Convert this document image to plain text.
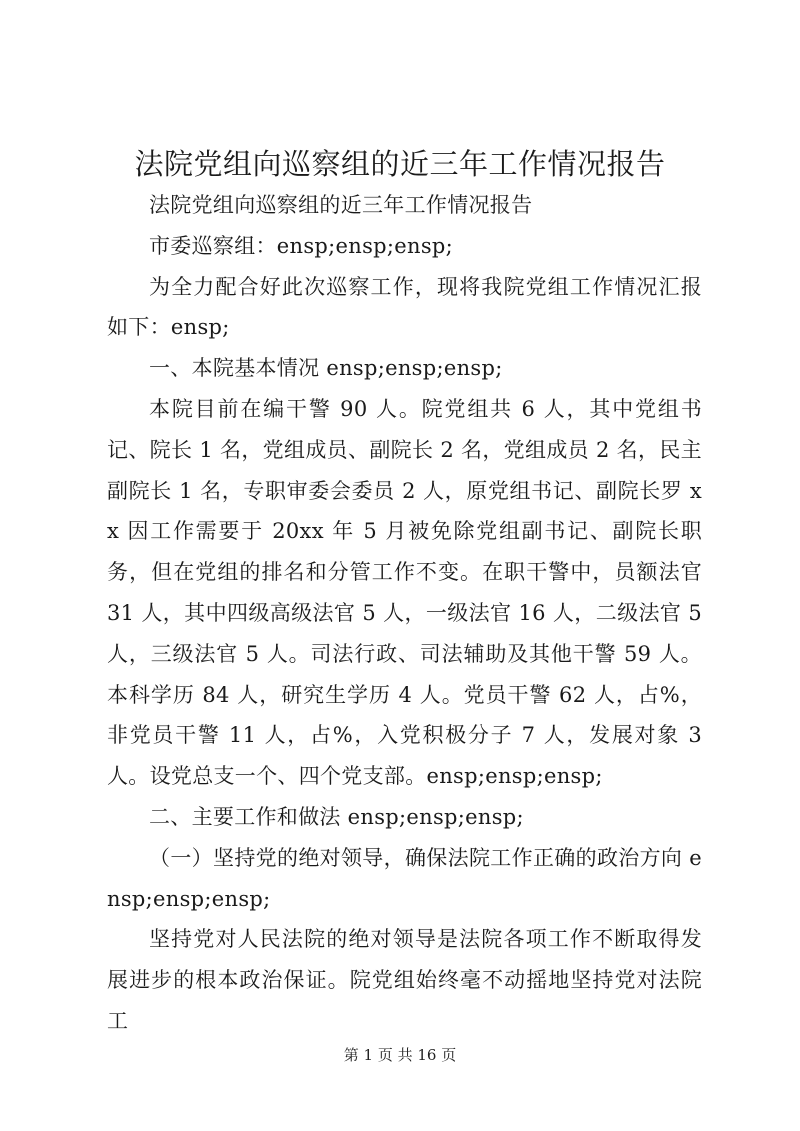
法院党组向巡察组的近三年工作情况报告

法院党组向巡察组的近三年工作情况报告

市委巡察组：ensp;ensp;ensp;

为全力配合好此次巡察工作，现将我院党组工作情况汇报如下：ensp;

一、本院基本情况 ensp;ensp;ensp;

本院目前在编干警 90 人。院党组共 6 人，其中党组书记、院长 1 名，党组成员、副院长 2 名，党组成员 2 名，民主副院长 1 名，专职审委会委员 2 人，原党组书记、副院长罗 xx 因工作需要于 20xx 年 5 月被免除党组副书记、副院长职务，但在党组的排名和分管工作不变。在职干警中，员额法官 31 人，其中四级高级法官 5 人，一级法官 16 人，二级法官 5 人，三级法官 5 人。司法行政、司法辅助及其他干警 59 人。本科学历 84 人，研究生学历 4 人。党员干警 62 人，占%，非党员干警 11 人，占%，入党积极分子 7 人，发展对象 3 人。设党总支一个、四个党支部。ensp;ensp;ensp;

二、主要工作和做法 ensp;ensp;ensp;

（一）坚持党的绝对领导，确保法院工作正确的政治方向 ensp;ensp;ensp;

坚持党对人民法院的绝对领导是法院各项工作不断取得发展进步的根本政治保证。院党组始终毫不动摇地坚持党对法院工

第 1 页 共 16 页
